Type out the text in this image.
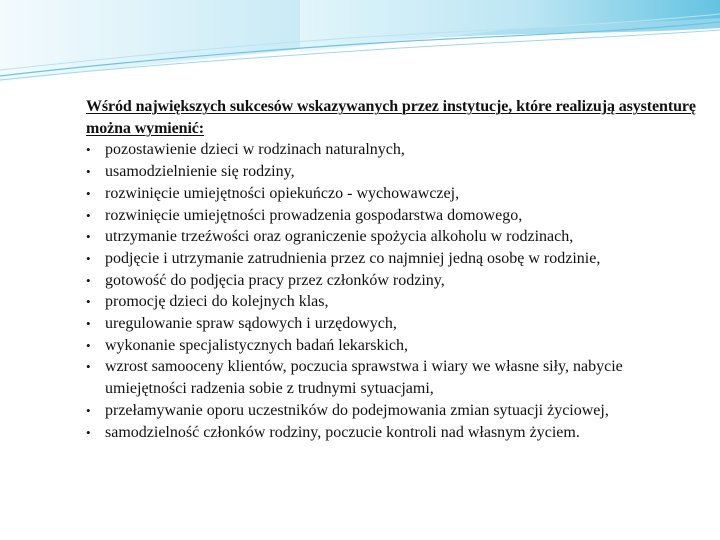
Wśród największych sukcesów wskazywanych przez instytucje, które realizują asystenturę można wymienić:
• pozostawienie dzieci w rodzinach naturalnych,
• usamodzielnienie się rodziny,
• rozwinięcie umiejętności opiekuńczo - wychowawczej,
• rozwinięcie umiejętności prowadzenia gospodarstwa domowego,
• utrzymanie trzeźwości oraz ograniczenie spożycia alkoholu w rodzinach,
• podjęcie i utrzymanie zatrudnienia przez co najmniej jedną osobę w rodzinie,
• gotowość do podjęcia pracy przez członków rodziny,
• promocję dzieci do kolejnych klas,
• uregulowanie spraw sądowych i urzędowych,
• wykonanie specjalistycznych badań lekarskich,
• wzrost samooceny klientów, poczucia sprawstwa i wiary we własne siły, nabycie umiejętności radzenia sobie z trudnymi sytuacjami,
• przełamywanie oporu uczestników do podejmowania zmian sytuacji życiowej,
• samodzielność członków rodziny, poczucie kontroli nad własnym życiem.
